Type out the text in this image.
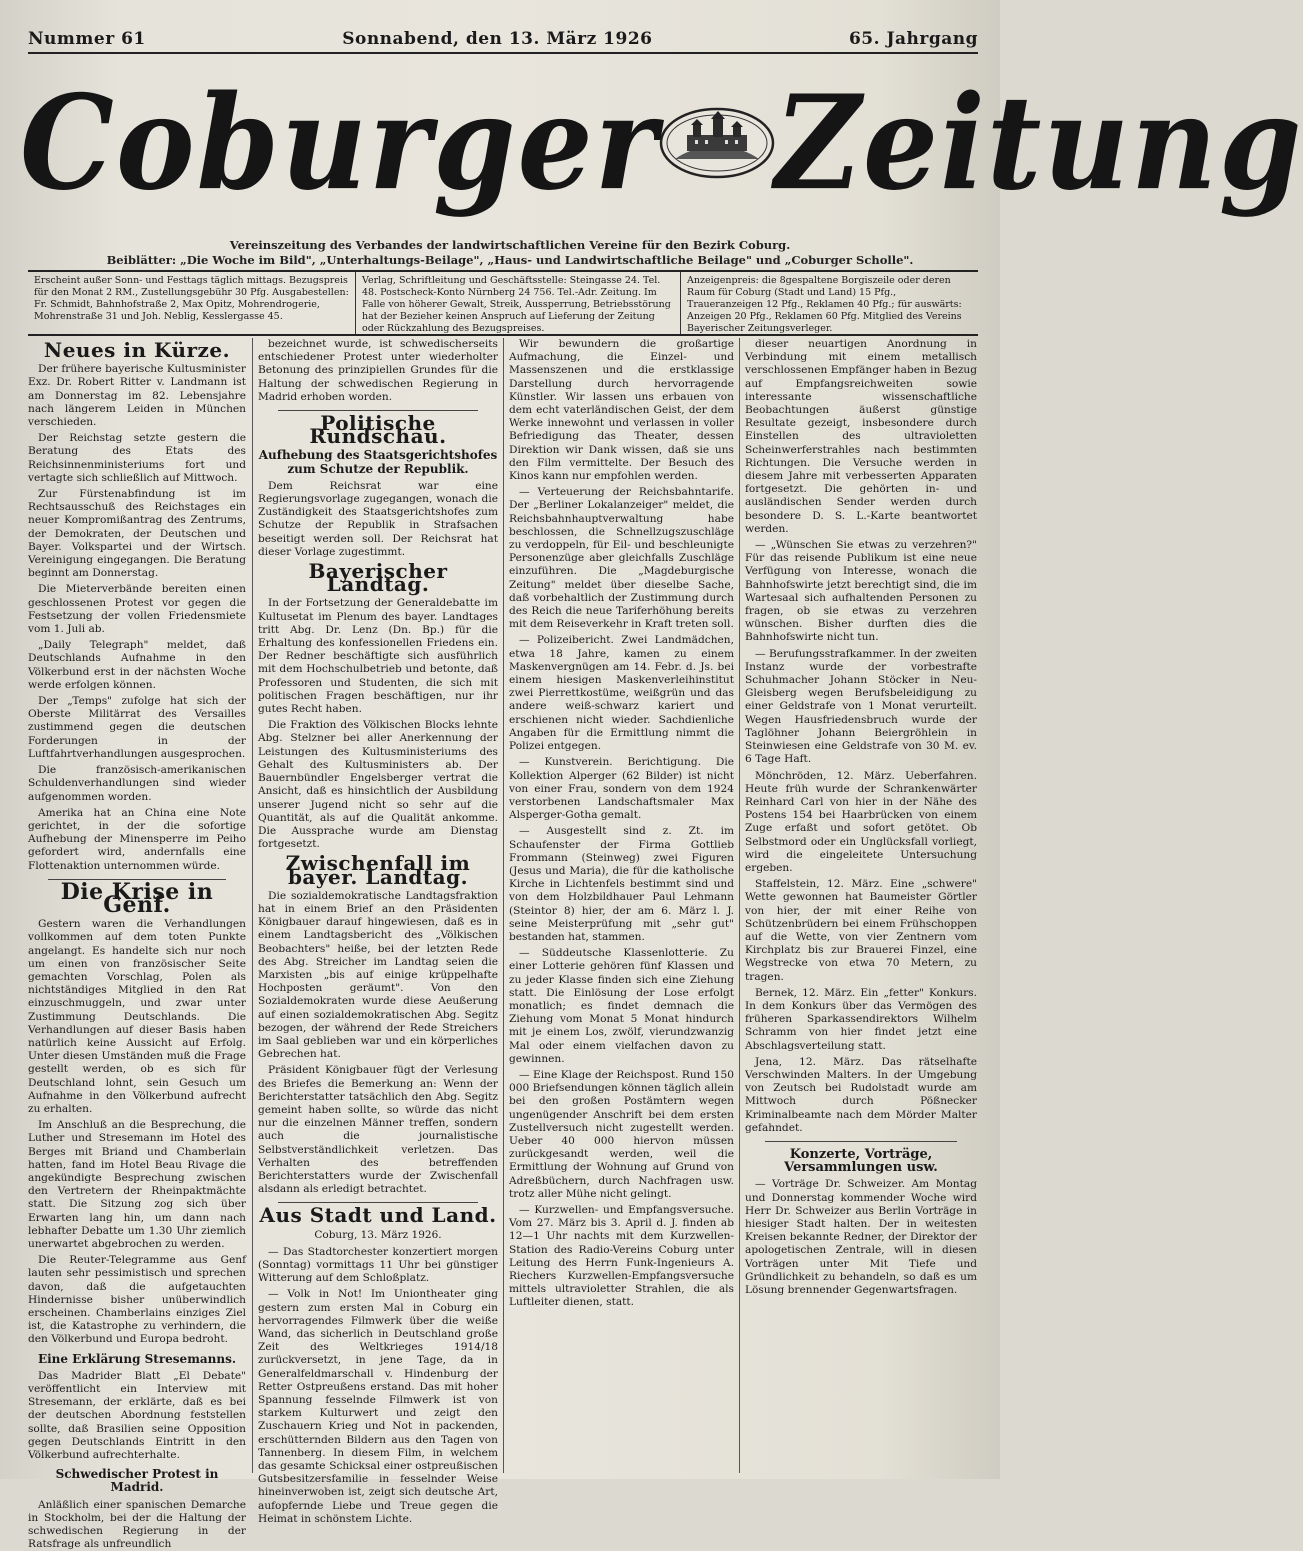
Nummer 61	Sonnabend, den 13. März 1926	65. Jahrgang
Coburger Zeitung
Vereinszeitung des Verbandes der landwirtschaftlichen Vereine für den Bezirk Coburg.
Beiblätter: „Die Woche im Bild", „Unterhaltungs-Beilage", „Haus- und Landwirtschaftliche Beilage" und „Coburger Scholle".
Erscheint außer Sonn- und Festtags täglich mittags. Bezugspreis für den Monat 2 RM., Zustellungsgebühr 30 Pfg. Ausgabestellen: Fr. Schmidt, Bahnhofstraße 2, Max Opitz, Mohrendrogerie, Mohrenstraße 31 und Joh. Neblig, Kesslergasse 45.
Verlag, Schriftleitung und Geschäftsstelle: Steingasse 24. Tel. 48. Postscheck-Konto Nürnberg 24 756. Tel.-Adr. Zeitung. Im Falle von höherer Gewalt, Streik, Aussperrung, Betriebsstörung hat der Bezieher keinen Anspruch auf Lieferung der Zeitung oder Rückzahlung des Bezugspreises.
Anzeigenpreis: die 8gespaltene Borgiszeile oder deren Raum für Coburg (Stadt und Land) 15 Pfg., Traueranzeigen 12 Pfg., Reklamen 40 Pfg.; für auswärts: Anzeigen 20 Pfg., Reklamen 60 Pfg. Mitglied des Vereins Bayerischer Zeitungsverleger.
Neues in Kürze.

Der frühere bayerische Kultusminister Exz. Dr. Robert Ritter v. Landmann ist am Donnerstag im 82. Lebensjahre nach längerem Leiden in München verschieden.

Der Reichstag setzte gestern die Beratung des Etats des Reichsinnenministeriums fort und vertagte sich schließlich auf Mittwoch.

Zur Fürstenabfindung ist im Rechtsausschuß des Reichstages ein neuer Kompromißantrag des Zentrums, der Demokraten, der Deutschen und Bayer. Volkspartei und der Wirtsch. Vereinigung eingegangen. Die Beratung beginnt am Donnerstag.

Die Mieterverbände bereiten einen geschlossenen Protest vor gegen die Festsetzung der vollen Friedensmiete vom 1. Juli ab.

„Daily Telegraph" meldet, daß Deutschlands Aufnahme in den Völkerbund erst in der nächsten Woche werde erfolgen können.

Der „Temps" zufolge hat sich der Oberste Militärrat des Versailles zustimmend gegen die deutschen Forderungen in der Luftfahrtverhandlungen ausgesprochen.

Die französisch-amerikanischen Schuldenverhandlungen sind wieder aufgenommen worden.

Amerika hat an China eine Note gerichtet, in der die sofortige Aufhebung der Minensperre im Peiho gefordert wird, andernfalls eine Flottenaktion unternommen würde.

Die Krise in Genf.

Gestern waren die Verhandlungen vollkommen auf dem toten Punkte angelangt. Es handelte sich nur noch um einen von französischer Seite gemachten Vorschlag, Polen als nichtständiges Mitglied in den Rat einzuschmuggeln, und zwar unter Zustimmung Deutschlands. Die Verhandlungen auf dieser Basis haben natürlich keine Aussicht auf Erfolg. Unter diesen Umständen muß die Frage gestellt werden, ob es sich für Deutschland lohnt, sein Gesuch um Aufnahme in den Völkerbund aufrecht zu erhalten.

Im Anschluß an die Besprechung, die Luther und Stresemann im Hotel des Berges mit Briand und Chamberlain hatten, fand im Hotel Beau Rivage die angekündigte Besprechung zwischen den Vertretern der Rheinpaktmächte statt. Die Sitzung zog sich über Erwarten lang hin, um dann nach lebhafter Debatte um 1.30 Uhr ziemlich unerwartet abgebrochen zu werden.

Die Reuter-Telegramme aus Genf lauten sehr pessimistisch und sprechen davon, daß die aufgetauchten Hindernisse bisher unüberwindlich erscheinen. Chamberlains einziges Ziel ist, die Katastrophe zu verhindern, die den Völkerbund und Europa bedroht.

Eine Erklärung Stresemanns.

Das Madrider Blatt „El Debate" veröffentlicht ein Interview mit Stresemann, der erklärte, daß es bei der deutschen Abordnung feststellen sollte, daß Brasilien seine Opposition gegen Deutschlands Eintritt in den Völkerbund aufrechterhalte.

Schwedischer Protest in Madrid.

Anläßlich einer spanischen Demarche in Stockholm, bei der die Haltung der schwedischen Regierung in der Ratsfrage als unfreundlich

bezeichnet wurde, ist schwedischerseits entschiedener Protest unter wiederholter Betonung des prinzipiellen Grundes für die Haltung der schwedischen Regierung in Madrid erhoben worden.

Politische Rundschau.
Aufhebung des Staatsgerichtshofes zum Schutze der Republik.

Dem Reichsrat war eine Regierungsvorlage zugegangen, wonach die Zuständigkeit des Staatsgerichtshofes zum Schutze der Republik in Strafsachen beseitigt werden soll. Der Reichsrat hat dieser Vorlage zugestimmt.

Bayerischer Landtag.

In der Fortsetzung der Generaldebatte im Kultusetat im Plenum des bayer. Landtages tritt Abg. Dr. Lenz (Dn. Bp.) für die Erhaltung des konfessionellen Friedens ein. Der Redner beschäftigte sich ausführlich mit dem Hochschulbetrieb und betonte, daß Professoren und Studenten, die sich mit politischen Fragen beschäftigen, nur ihr gutes Recht haben.

Die Fraktion des Völkischen Blocks lehnte Abg. Stelzner bei aller Anerkennung der Leistungen des Kultusministeriums des Gehalt des Kultusministers ab. Der Bauernbündler Engelsberger vertrat die Ansicht, daß es hinsichtlich der Ausbildung unserer Jugend nicht so sehr auf die Quantität, als auf die Qualität ankomme. Die Aussprache wurde am Dienstag fortgesetzt.

Zwischenfall im bayer. Landtag.

Die sozialdemokratische Landtagsfraktion hat in einem Brief an den Präsidenten Königbauer darauf hingewiesen, daß es in einem Landtagsbericht des „Völkischen Beobachters" heiße, bei der letzten Rede des Abg. Streicher im Landtag seien die Marxisten „bis auf einige krüppelhafte Hochposten geräumt". Von den Sozialdemokraten wurde diese Aeußerung auf einen sozialdemokratischen Abg. Segitz bezogen, der während der Rede Streichers im Saal geblieben war und ein körperliches Gebrechen hat.

Präsident Königbauer fügt der Verlesung des Briefes die Bemerkung an: Wenn der Berichterstatter tatsächlich den Abg. Segitz gemeint haben sollte, so würde das nicht nur die einzelnen Männer treffen, sondern auch die journalistische Selbstverständlichkeit verletzen. Das Verhalten des betreffenden Berichterstatters wurde der Zwischenfall alsdann als erledigt betrachtet.

Aus Stadt und Land.
Coburg, 13. März 1926.

— Das Stadtorchester konzertiert morgen (Sonntag) vormittags 11 Uhr bei günstiger Witterung auf dem Schloßplatz.

— Volk in Not! Im Uniontheater ging gestern zum ersten Mal in Coburg ein hervorragendes Filmwerk über die weiße Wand, das sicherlich in Deutschland große Zeit des Weltkrieges 1914/18 zurückversetzt, in jene Tage, da in Generalfeldmarschall v. Hindenburg der Retter Ostpreußens erstand. Das mit hoher Spannung fesselnde Filmwerk ist von starkem Kulturwert und zeigt den Zuschauern Krieg und Not in packenden, erschütternden Bildern aus den Tagen von Tannenberg. In diesem Film, in welchem das gesamte Schicksal einer ostpreußischen Gutsbesitzersfamilie in fesselnder Weise hineinverwoben ist, zeigt sich deutsche Art, aufopfernde Liebe und Treue gegen die Heimat in schönstem Lichte.

Wir bewundern die großartige Aufmachung, die Einzel- und Massenszenen und die erstklassige Darstellung durch hervorragende Künstler. Wir lassen uns erbauen von dem echt vaterländischen Geist, der dem Werke innewohnt und verlassen in voller Befriedigung das Theater, dessen Direktion wir Dank wissen, daß sie uns den Film vermittelte. Der Besuch des Kinos kann nur empfohlen werden.

— Verteuerung der Reichsbahntarife. Der „Berliner Lokalanzeiger" meldet, die Reichsbahnhauptverwaltung habe beschlossen, die Schnellzugszuschläge zu verdoppeln, für Eil- und beschleunigte Personenzüge aber gleichfalls Zuschläge einzuführen. Die „Magdeburgische Zeitung" meldet über dieselbe Sache, daß vorbehaltlich der Zustimmung durch des Reich die neue Tariferhöhung bereits mit dem Reiseverkehr in Kraft treten soll.

— Polizeibericht. Zwei Landmädchen, etwa 18 Jahre, kamen zu einem Maskenvergnügen am 14. Febr. d. Js. bei einem hiesigen Maskenverleihinstitut zwei Pierrettkostüme, weißgrün und das andere weiß-schwarz kariert und erschienen nicht wieder. Sachdienliche Angaben für die Ermittlung nimmt die Polizei entgegen.

— Kunstverein. Berichtigung. Die Kollektion Alperger (62 Bilder) ist nicht von einer Frau, sondern von dem 1924 verstorbenen Landschaftsmaler Max Alsperger-Gotha gemalt.

— Ausgestellt sind z. Zt. im Schaufenster der Firma Gottlieb Frommann (Steinweg) zwei Figuren (Jesus und Maria), die für die katholische Kirche in Lichtenfels bestimmt sind und von dem Holzbildhauer Paul Lehmann (Steintor 8) hier, der am 6. März l. J. seine Meisterprüfung mit „sehr gut" bestanden hat, stammen.

— Süddeutsche Klassenlotterie. Zu einer Lotterie gehören fünf Klassen und zu jeder Klasse finden sich eine Ziehung statt. Die Einlösung der Lose erfolgt monatlich; es findet demnach die Ziehung vom Monat 5 Monat hindurch mit je einem Los, zwölf, vierundzwanzig Mal oder einem vielfachen davon zu gewinnen.

— Eine Klage der Reichspost. Rund 150 000 Briefsendungen können täglich allein bei den großen Postämtern wegen ungenügender Anschrift bei dem ersten Zustellversuch nicht zugestellt werden. Ueber 40 000 hiervon müssen zurückgesandt werden, weil die Ermittlung der Wohnung auf Grund von Adreßbüchern, durch Nachfragen usw. trotz aller Mühe nicht gelingt.

— Kurzwellen- und Empfangsversuche. Vom 27. März bis 3. April d. J. finden ab 12—1 Uhr nachts mit dem Kurzwellen-Station des Radio-Vereins Coburg unter Leitung des Herrn Funk-Ingenieurs A. Riechers Kurzwellen-Empfangsversuche mittels ultravioletter Strahlen, die als Luftleiter dienen, statt.

dieser neuartigen Anordnung in Verbindung mit einem metallisch verschlossenen Empfänger haben in Bezug auf Empfangsreichweiten sowie interessante wissenschaftliche Beobachtungen äußerst günstige Resultate gezeigt, insbesondere durch Einstellen des ultravioletten Scheinwerferstrahles nach bestimmten Richtungen. Die Versuche werden in diesem Jahre mit verbesserten Apparaten fortgesetzt. Die gehörten in- und ausländischen Sender werden durch besondere D. S. L.-Karte beantwortet werden.

— „Wünschen Sie etwas zu verzehren?" Für das reisende Publikum ist eine neue Verfügung von Interesse, wonach die Bahnhofswirte jetzt berechtigt sind, die im Wartesaal sich aufhaltenden Personen zu fragen, ob sie etwas zu verzehren wünschen. Bisher durften dies die Bahnhofswirte nicht tun.

— Berufungsstrafkammer. In der zweiten Instanz wurde der vorbestrafte Schuhmacher Johann Stöcker in Neu-Gleisberg wegen Berufsbeleidigung zu einer Geldstrafe von 1 Monat verurteilt. Wegen Hausfriedensbruch wurde der Taglöhner Johann Beiergröhlein in Steinwiesen eine Geldstrafe von 30 M. ev. 6 Tage Haft.

Mönchröden, 12. März. Ueberfahren. Heute früh wurde der Schrankenwärter Reinhard Carl von hier in der Nähe des Postens 154 bei Haarbrücken von einem Zuge erfaßt und sofort getötet. Ob Selbstmord oder ein Unglücksfall vorliegt, wird die eingeleitete Untersuchung ergeben.

Staffelstein, 12. März. Eine „schwere" Wette gewonnen hat Baumeister Görtler von hier, der mit einer Reihe von Schützenbrüdern bei einem Frühschoppen auf die Wette, von vier Zentnern vom Kirchplatz bis zur Brauerei Finzel, eine Wegstrecke von etwa 70 Metern, zu tragen.

Bernek, 12. März. Ein „fetter" Konkurs. In dem Konkurs über das Vermögen des früheren Sparkassendirektors Wilhelm Schramm von hier findet jetzt eine Abschlagsverteilung statt.

Jena, 12. März. Das rätselhafte Verschwinden Malters. In der Umgebung von Zeutsch bei Rudolstadt wurde am Mittwoch durch Pößnecker Kriminalbeamte nach dem Mörder Malter gefahndet.

Konzerte, Vorträge, Versammlungen usw.

— Vorträge Dr. Schweizer. Am Montag und Donnerstag kommender Woche wird Herr Dr. Schweizer aus Berlin Vorträge in hiesiger Stadt halten. Der in weitesten Kreisen bekannte Redner, der Direktor der apologetischen Zentrale, will in diesen Vorträgen unter Mit Tiefe und Gründlichkeit zu behandeln, so daß es um Lösung brennender Gegenwartsfragen.
